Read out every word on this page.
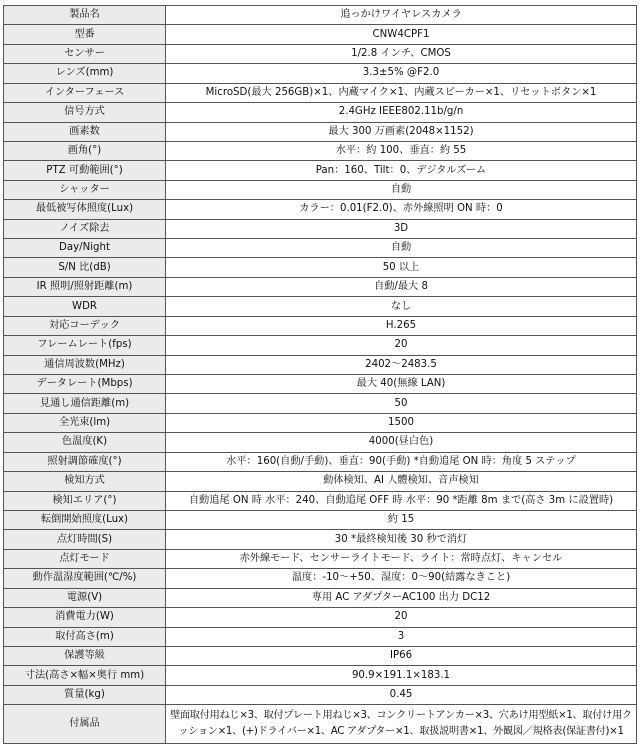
製品名	追っかけワイヤレスカメラ
型番	CNW4CPF1
センサー	1/2.8 インチ、CMOS
レンズ(mm)	3.3±5% @F2.0
インターフェース	MicroSD(最大 256GB)×1、内蔵マイク×1、内蔵スピーカー×1、リセットボタン×1
信号方式	2.4GHz IEEE802.11b/g/n
画素数	最大 300 万画素(2048×1152)
画角(°)	水平：約 100、垂直：約 55
PTZ 可動範囲(°)	Pan：160、Tilt：0、デジタルズーム
シャッター	自動
最低被写体照度(Lux)	カラー：0.01(F2.0)、赤外線照明 ON 時：0
ノイズ除去	3D
Day/Night	自動
S/N 比(dB)	50 以上
IR 照明/照射距離(m)	自動/最大 8
WDR	なし
対応コーデック	H.265
フレームレート(fps)	20
通信周波数(MHz)	2402～2483.5
データレート(Mbps)	最大 40(無線 LAN)
見通し通信距離(m)	50
全光束(lm)	1500
色温度(K)	4000(昼白色)
照射調節確度(°)	水平：160(自動/手動)、垂直：90(手動) *自動追尾 ON 時：角度 5 ステップ
検知方式	動体検知、AI 人體検知、音声検知
検知エリア(°)	自動追尾 ON 時 水平：240、自動追尾 OFF 時 水平：90 *距離 8m まで(高さ 3m に設置時)
転倒開始照度(Lux)	約 15
点灯時間(S)	30 *最終検知後 30 秒で消灯
点灯モード	赤外線モード、センサーライトモード、ライト：常時点灯、キャンセル
動作温湿度範囲(℃/%)	温度：-10～+50、湿度：0～90(結露なきこと)
電源(V)	専用 AC アダプターAC100 出力 DC12
消費電力(W)	20
取付高さ(m)	3
保護等級	IP66
寸法(高さ×幅×奥行 mm)	90.9×191.1×183.1
質量(kg)	0.45
付属品	壁面取付用ねじ×3、取付プレート用ねじ×3、コンクリートアンカー×3、穴あけ用型紙×1、取付け用クッション×1、(+)ドライバー×1、AC アダプター×1、取扱説明書×1、外観図／規格表(保証書付)×1
